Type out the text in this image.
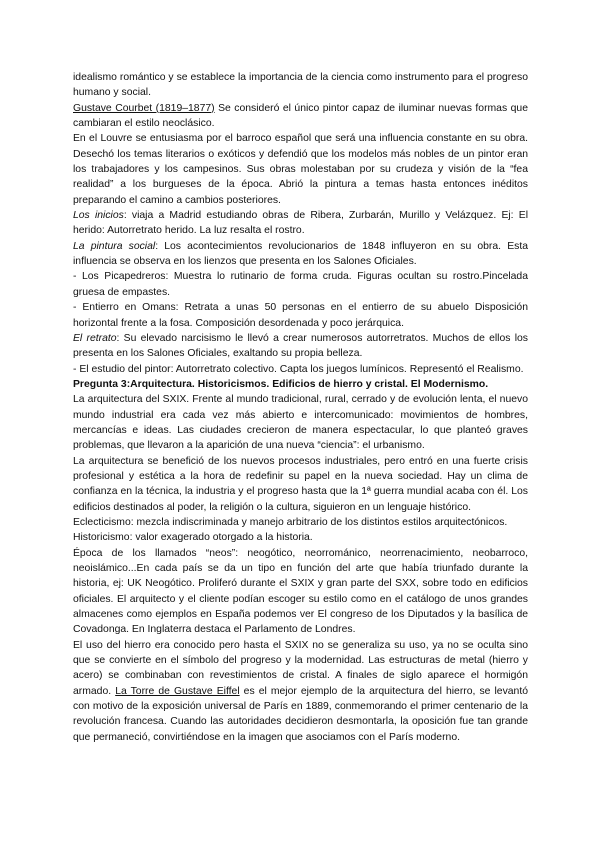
idealismo romántico y se establece la importancia de la ciencia como instrumento para el progreso humano y social.

Gustave Courbet (1819–1877) Se consideró el único pintor capaz de iluminar nuevas formas que cambiaran el estilo neoclásico.

En el Louvre se entusiasma por el barroco español que será una influencia constante en su obra. Desechó los temas literarios o exóticos y defendió que los modelos más nobles de un pintor eran los trabajadores y los campesinos. Sus obras molestaban por su crudeza y visión de la “fea realidad” a los burgueses de la época. Abrió la pintura a temas hasta entonces inéditos preparando el camino a cambios posteriores.

Los inicios: viaja a Madrid estudiando obras de Ribera, Zurbarán, Murillo y Velázquez. Ej: El herido: Autorretrato herido. La luz resalta el rostro.

La pintura social: Los acontecimientos revolucionarios de 1848 influyeron en su obra. Esta influencia se observa en los lienzos que presenta en los Salones Oficiales.

- Los Picapedreros: Muestra lo rutinario de forma cruda. Figuras ocultan su rostro.Pincelada gruesa de empastes.

- Entierro en Omans: Retrata a unas 50 personas en el entierro de su abuelo Disposición horizontal frente a la fosa. Composición desordenada y poco jerárquica.

El retrato: Su elevado narcisismo le llevó a crear numerosos autorretratos. Muchos de ellos los presenta en los Salones Oficiales, exaltando su propia belleza.

- El estudio del pintor: Autorretrato colectivo. Capta los juegos lumínicos. Representó el Realismo.

Pregunta 3:Arquitectura. Historicismos. Edificios de hierro y cristal. El Modernismo.

La arquitectura del SXIX. Frente al mundo tradicional, rural, cerrado y de evolución lenta, el nuevo mundo industrial era cada vez más abierto e intercomunicado: movimientos de hombres, mercancías e ideas. Las ciudades crecieron de manera espectacular, lo que planteó graves problemas, que llevaron a la aparición de una nueva “ciencia”: el urbanismo.

La arquitectura se benefició de los nuevos procesos industriales, pero entró en una fuerte crisis profesional y estética a la hora de redefinir su papel en la nueva sociedad. Hay un clima de confianza en la técnica, la industria y el progreso hasta que la 1ª guerra mundial acaba con él. Los edificios destinados al poder, la religión o la cultura, siguieron en un lenguaje histórico.

Eclecticismo: mezcla indiscriminada y manejo arbitrario de los distintos estilos arquitectónicos.

Historicismo: valor exagerado otorgado a la historia.

Época de los llamados “neos”: neogótico, neorrománico, neorrenacimiento, neobarroco, neoislámico...En cada país se da un tipo en función del arte que había triunfado durante la historia, ej: UK Neogótico. Proliferó durante el SXIX y gran parte del SXX, sobre todo en edificios oficiales. El arquitecto y el cliente podían escoger su estilo como en el catálogo de unos grandes almacenes como ejemplos en España podemos ver El congreso de los Diputados y la basílica de Covadonga. En Inglaterra destaca el Parlamento de Londres.

El uso del hierro era conocido pero hasta el SXIX no se generaliza su uso, ya no se oculta sino que se convierte en el símbolo del progreso y la modernidad. Las estructuras de metal (hierro y acero) se combinaban con revestimientos de cristal. A finales de siglo aparece el hormigón armado. La Torre de Gustave Eiffel es el mejor ejemplo de la arquitectura del hierro, se levantó con motivo de la exposición universal de París en 1889, conmemorando el primer centenario de la revolución francesa. Cuando las autoridades decidieron desmontarla, la oposición fue tan grande que permaneció, convirtiéndose en la imagen que asociamos con el París moderno.
